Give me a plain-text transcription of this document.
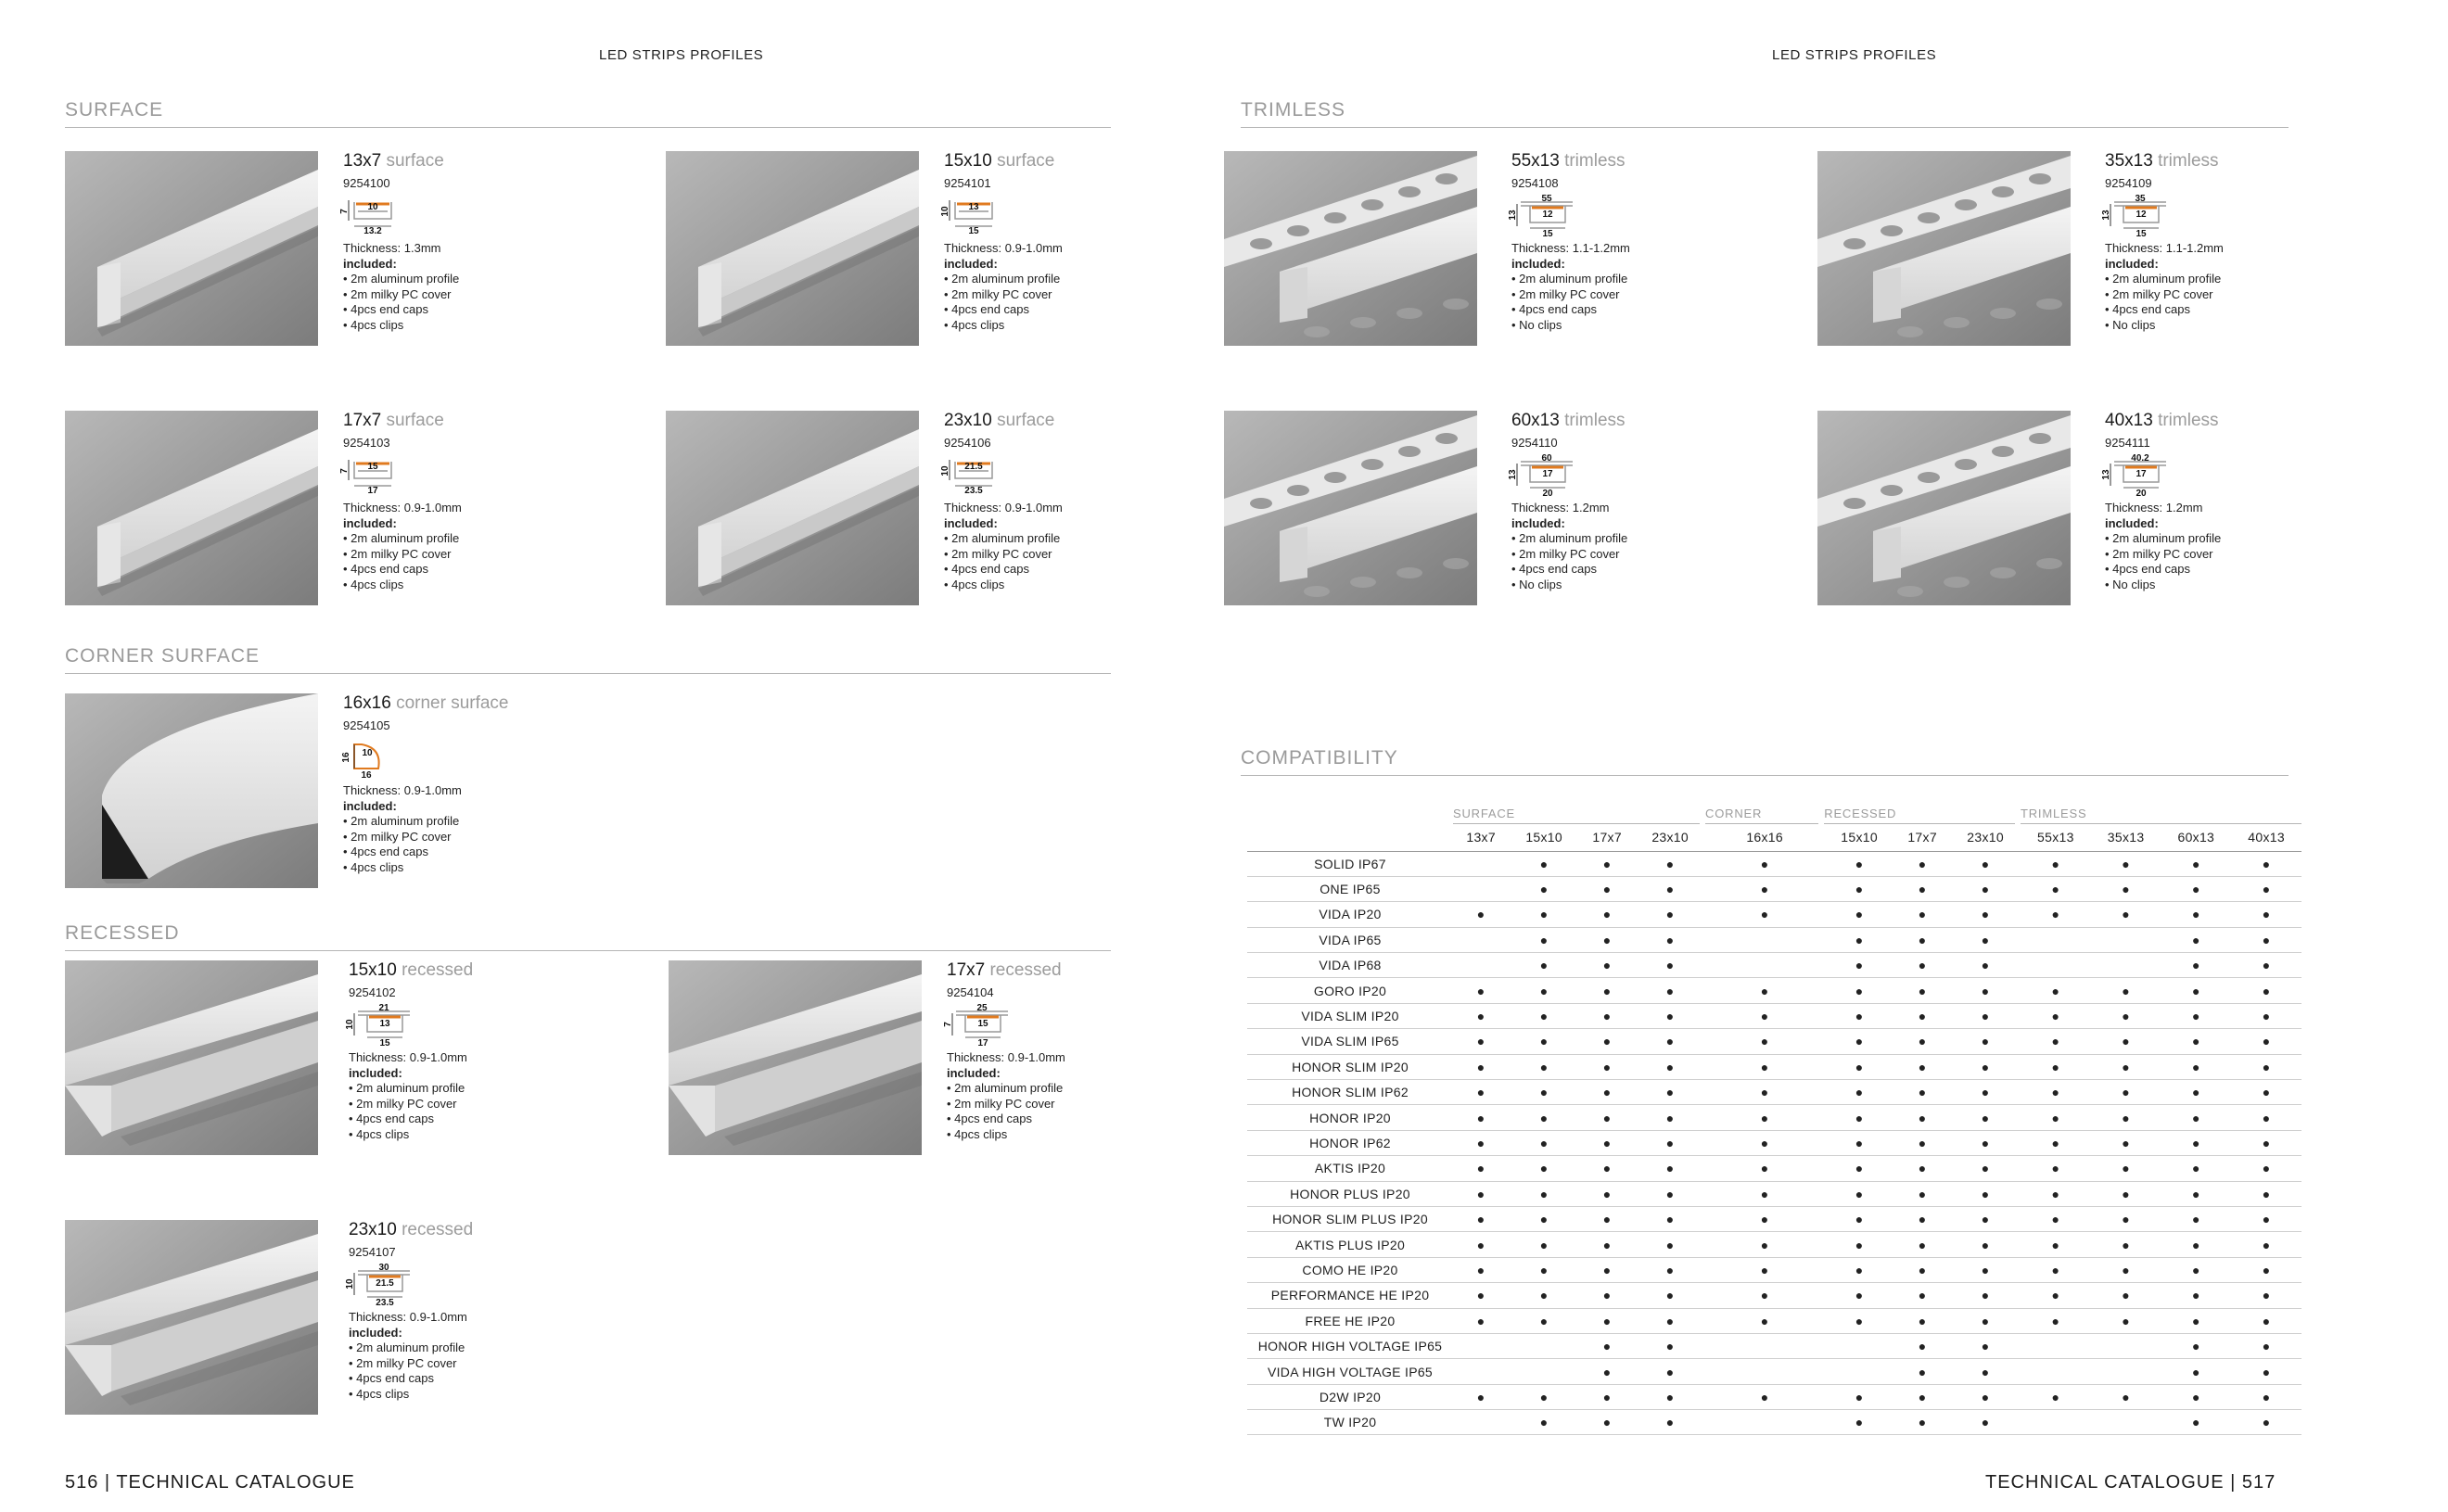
LED STRIPS PROFILES	LED STRIPS PROFILES
SURFACE
CORNER SURFACE
RECESSED
TRIMLESS
COMPATIBILITY
13x7 surface
9254100
7 10
13.2
Thickness: 1.3mm
included:
• 2m aluminum profile
• 2m milky PC cover
• 4pcs end caps
• 4pcs clips
15x10 surface
9254101
10 13
15
Thickness: 0.9-1.0mm
included:
• 2m aluminum profile
• 2m milky PC cover
• 4pcs end caps
• 4pcs clips
17x7 surface
9254103
7 15
17
Thickness: 0.9-1.0mm
included:
• 2m aluminum profile
• 2m milky PC cover
• 4pcs end caps
• 4pcs clips
23x10 surface
9254106
10 21.5
23.5
Thickness: 0.9-1.0mm
included:
• 2m aluminum profile
• 2m milky PC cover
• 4pcs end caps
• 4pcs clips
16x16 corner surface
9254105
16 10
16
Thickness: 0.9-1.0mm
included:
• 2m aluminum profile
• 2m milky PC cover
• 4pcs end caps
• 4pcs clips
15x10 recessed
9254102
10
21
13
15
Thickness: 0.9-1.0mm
included:
• 2m aluminum profile
• 2m milky PC cover
• 4pcs end caps
• 4pcs clips
17x7 recessed
9254104
7
25
15
17
Thickness: 0.9-1.0mm
included:
• 2m aluminum profile
• 2m milky PC cover
• 4pcs end caps
• 4pcs clips
23x10 recessed
9254107
10
30
21.5
23.5
Thickness: 0.9-1.0mm
included:
• 2m aluminum profile
• 2m milky PC cover
• 4pcs end caps
• 4pcs clips
55x13 trimless
9254108
13
55
12
15
Thickness: 1.1-1.2mm
included:
• 2m aluminum profile
• 2m milky PC cover
• 4pcs end caps
• No clips
35x13 trimless
9254109
13
35
12
15
Thickness: 1.1-1.2mm
included:
• 2m aluminum profile
• 2m milky PC cover
• 4pcs end caps
• No clips
60x13 trimless
9254110
13
60
17
20
Thickness: 1.2mm
included:
• 2m aluminum profile
• 2m milky PC cover
• 4pcs end caps
• No clips
40x13 trimless
9254111
13
40.2
17
20
Thickness: 1.2mm
included:
• 2m aluminum profile
• 2m milky PC cover
• 4pcs end caps
• No clips

	SURFACE				CORNER	RECESSED			TRIMLESS			

	13x7	15x10	17x7	23x10	16x16	15x10	17x7	23x10	55x13	35x13	60x13	40x13
SOLID IP67		●	●	●	●	●	●	●	●	●	●	●
ONE IP65		●	●	●	●	●	●	●	●	●	●	●
VIDA IP20	●	●	●	●	●	●	●	●	●	●	●	●
VIDA IP65		●	●	●		●	●	●			●	●
VIDA IP68		●	●	●		●	●	●			●	●
GORO IP20	●	●	●	●	●	●	●	●	●	●	●	●
VIDA SLIM IP20	●	●	●	●	●	●	●	●	●	●	●	●
VIDA SLIM IP65	●	●	●	●	●	●	●	●	●	●	●	●
HONOR SLIM IP20	●	●	●	●	●	●	●	●	●	●	●	●
HONOR SLIM IP62	●	●	●	●	●	●	●	●	●	●	●	●
HONOR IP20	●	●	●	●	●	●	●	●	●	●	●	●
HONOR IP62	●	●	●	●	●	●	●	●	●	●	●	●
AKTIS IP20	●	●	●	●	●	●	●	●	●	●	●	●
HONOR PLUS IP20	●	●	●	●	●	●	●	●	●	●	●	●
HONOR SLIM PLUS IP20	●	●	●	●	●	●	●	●	●	●	●	●
AKTIS PLUS IP20	●	●	●	●	●	●	●	●	●	●	●	●
COMO HE IP20	●	●	●	●	●	●	●	●	●	●	●	●
PERFORMANCE HE IP20	●	●	●	●	●	●	●	●	●	●	●	●
FREE HE IP20	●	●	●	●	●	●	●	●	●	●	●	●
HONOR HIGH VOLTAGE IP65			●	●			●	●			●	●
VIDA HIGH VOLTAGE IP65			●	●			●	●			●	●
D2W IP20	●	●	●	●	●	●	●	●	●	●	●	●
TW IP20		●	●	●		●	●	●			●	●
516 | TECHNICAL CATALOGUE	TECHNICAL CATALOGUE | 517
